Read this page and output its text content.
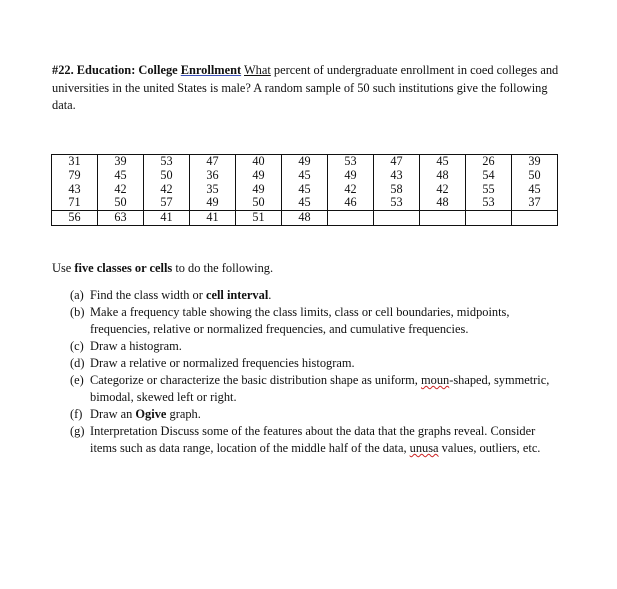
#22. Education: College Enrollment What percent of undergraduate enrollment in coed colleges and universities in the united States is male? A random sample of 50 such institutions give the following data.
31	39	53	47	40	49	53	47	45	26	39
79	45	50	36	49	45	49	43	48	54	50
43	42	42	35	49	45	42	58	42	55	45
71	50	57	49	50	45	46	53	48	53	37
56	63	41	41	51	48					
Use five classes or cells to do the following.
(a) Find the class width or cell interval.
(b) Make a frequency table showing the class limits, class or cell boundaries, midpoints, frequencies, relative or normalized frequencies, and cumulative frequencies.
(c) Draw a histogram.
(d) Draw a relative or normalized frequencies histogram.
(e) Categorize or characterize the basic distribution shape as uniform, moun-shaped, symmetric, bimodal, skewed left or right.
(f) Draw an Ogive graph.
(g) Interpretation Discuss some of the features about the data that the graphs reveal. Consider items such as data range, location of the middle half of the data, unusa values, outliers, etc.
